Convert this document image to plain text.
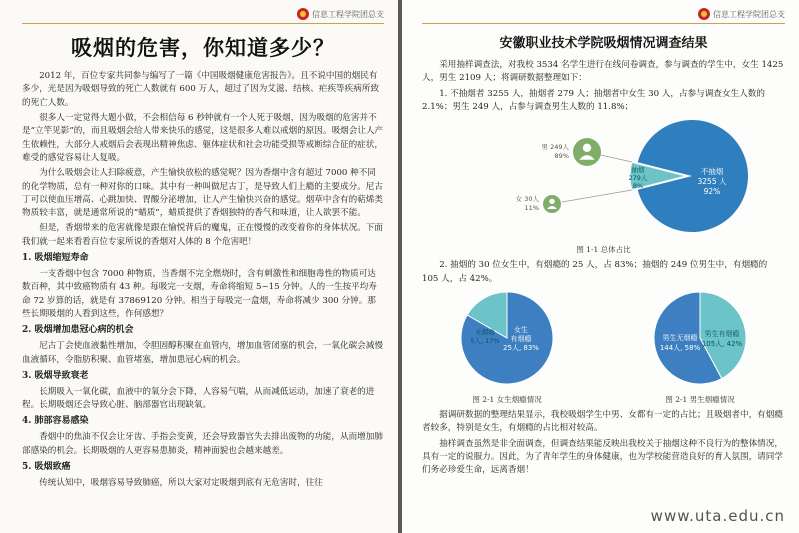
信息工程学院团总支
吸烟的危害，你知道多少？

2012 年，百位专家共同参与编写了一篇《中国吸烟健康危害报告》。且不说中国的烟民有多少，光是因为吸烟导致的死亡人数就有 600 万人，超过了因为艾滋、结核、疟疾等疾病所致的死亡人数。

很多人一定觉得大题小做，不会相信每 6 秒钟就有一个人死于吸烟，因为吸烟的危害并不是“立竿见影”的，而且吸烟会给人带来快乐的感觉，这是很多人难以戒烟的原因。吸烟会让人产生依赖性，大部分人戒烟后会表现出精神焦虑、躯体症状和社会功能受损等戒断综合征的症状，难受的感觉容易让人复吸。

为什么吸烟会让人扫除疲意，产生愉快放松的感觉呢？因为香烟中含有超过 7000 种不同的化学物质，总有一种对你的口味。其中有一种叫做尼古丁，是导致人们上瘾的主要成分。尼古丁可以使血压增高、心跳加快、胃酸分泌增加，让人产生愉快兴奋的感觉。烟草中含有的萜烯类物质较丰富，就是通常所说的“蜡质”，蜡质提供了香烟独特的香气和味道，让人欲罢不能。

但是，香烟带来的危害就像是跟在愉悦背后的魔鬼，正在慢慢的改变着你的身体状况。下面我们就一起来看看百位专家所说的香烟对人体的 8 个危害吧！

1. 吸烟缩短寿命

一支香烟中包含 7000 种物质，当香烟不完全燃烧时，含有刺激性和细胞毒性的物质可达数百种，其中致癌物质有 43 种。每吸完一支烟，寿命将缩短 5~15 分钟。人的一生按平均寿命 72 岁算的话，就是有 37869120 分钟。相当于每吸完一盒烟，寿命将减少 300 分钟。那些长期吸烟的人看到这些，作何感想？

2. 吸烟增加患冠心病的机会

尼古丁会使血液黏性增加，令胆固醇积聚在血管内，增加血管闭塞的机会，一氧化碳会减慢血液循环，令脂肪积聚、血管堵塞，增加患冠心病的机会。

3. 吸烟导致衰老

长期吸入一氧化碳，血液中的氧分会下降，人容易气喘，从而减低运动，加速了衰老的进程。长期吸烟还会导致心脏、脑部器官出现缺氧。

4. 肺部容易感染

香烟中的焦油不仅会让牙齿、手指会变黄，还会导致器官失去排出废物的功能，从而增加肺部感染的机会。长期吸烟的人更容易患肺炎，精神面貌也会越来越差。

5. 吸烟致癌

传统认知中，吸烟容易导致肺癌，所以大家对定吸烟到底有无危害时，往往

信息工程学院团总支
安徽职业技术学院吸烟情况调查结果

采用抽样调查法，对我校 3534 名学生进行在线问卷调查，参与调查的学生中，女生 1425 人，男生 2109 人；将调研数据整理如下：

1. 不抽烟者 3255 人，抽烟者 279 人；抽烟者中女生 30 人，占参与调查女生人数的 2.1%；男生 249 人，占参与调查男生人数的 11.8%；

不抽烟
3255 人
92%
抽烟
279人
8%
男 249人
89%
女 30人
11%
图 1-1 总体占比

2. 抽烟的 30 位女生中，有烟瘾的 25 人，占 83%；抽烟的 249 位男生中，有烟瘾的 105 人，占 42%。

女生
有烟瘾
25人, 83%
无烟瘾
5人, 17%
图 2-1 女生烟瘾情况
男生有烟瘾
105人, 42%
男生无烟瘾
144人, 58%
图 2-1 男生烟瘾情况

据调研数据的整理结果显示，我校吸烟学生中男、女都有一定的占比；且吸烟者中，有烟瘾者较多，特别是女生，有烟瘾的占比相对较高。

抽样调查虽然是非全面调查，但调查结果能反映出我校关于抽烟这种不良行为的整体情况，具有一定的说服力。因此，为了青年学生的身体健康，也为学校能营造良好的育人氛围，请同学们务必珍爱生命，远离香烟！

www.uta.edu.cn
